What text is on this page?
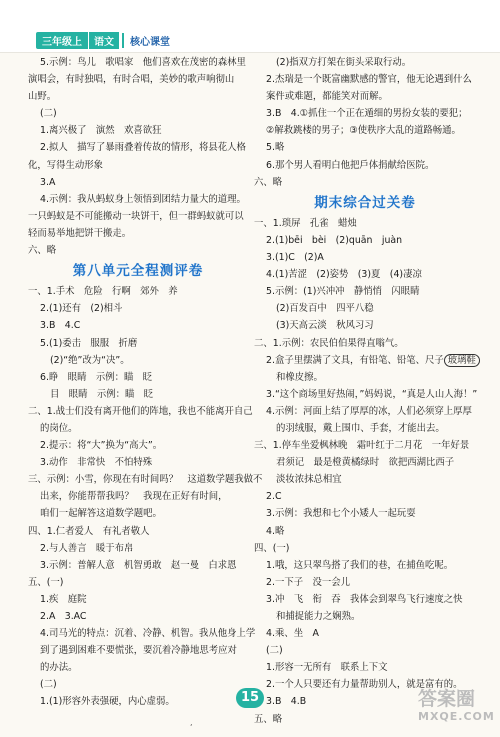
三年级上	语文	核心课堂
5.示例：鸟儿　歌唱家　他们喜欢在茂密的森林里
演唱会，有时独唱，有时合唱，美妙的歌声响彻山
山野。
(二)
1.离兴极了　演然　欢喜欲狂
2.拟人　描写了暴雨叠着传故的情形，将县花人格
化，写得生动形象
3.A
4.示例：我从蚂蚁身上领悟到团结力量大的道理。
一只蚂蚁是不可能搬动一块饼干，但一群蚂蚁就可以
轻而易举地把饼干搬走。
六、略
第八单元全程测评卷
一、1.手术　危险　行啊　郊外　养
2.(1)还有　(2)相斗
3.B　4.C
5.(1)委击　服服　折磨
(2)“绝”改为“决”。
6.睁　眼睛　示例：瞄　眨
目　眼睛　示例：瞄　眨
二、1.战士们没有离开他们的阵地，我也不能离开自己
的岗位。
2.提示：将“大”换为“高大”。
3.动作　非常快　不怕特殊
三、示例：小雪，你现在有时间吗？　这道数学题我做不
出来，你能帮帮我吗？　我现在正好有时间，
咱们一起解答这道数学题吧。
四、1.仁者爱人　有礼者敬人
2.与人善言　暖于布帛
3.示例：普解人意　机智勇敢　赵一曼　白求恩
五、(一)
1.疾　庭院
2.A　3.AC
4.司马光的特点：沉着、冷静、机智。我从他身上学
到了遇到困难不要慌张，要沉着冷静地思考应对
的办法。
(二)
1.(1)形容外表强硬，内心虚弱。
(2)指双方打架在街头采取行动。
2.杰瑞是一个既富幽默感的警官，他无论遇到什么
案件或难题，都能笑对而解。
3.B　4.①抓住一个正在遁细的男扮女装的要犯；
②解救跳楼的男子；③使秩序大乱的道路畅通。
5.略
6.那个男人看明白他把戶体捐献给医院。
六、略
期末综合过关卷
一、1.琐屏　孔雀　蜡烛
2.(1)bēi　bèi　(2)quān　juàn
3.(1)C　(2)A
4.(1)苦涩　(2)姿势　(3)夏　(4)凄凉
5.示例：(1)兴冲冲　静悄悄　闪眼睛
(2)百发百中　四平八稳
(3)天高云淡　秋风习习
二、1.示例：农民伯伯果得直嗡气。
2.盒子里摆满了文具，有铅笔、铅笔、尺子 玻璃鞋
和橡皮擦。
3.“这个商场里好热闹，”妈妈说，“真是人山人海！”
4.示例：河面上结了厚厚的冰，人们必须穿上厚厚
的羽绒服，戴上围巾、手套，才能出去。
三、1.停车坐爱枫林晚　霜叶红于二月花　一年好景
君须记　最是橙黄橘绿时　欲把西湖比西子
淡妆浓抹总相宜
2.C
3.示例：我想和七个小矮人一起玩耍
4.略
四、(一)
1.哦，这只翠鸟搭了我们的巷，在捕鱼吃呢。
2.一下子　没一会儿
3.冲　飞　衔　吞　我体会到翠鸟飞行速度之快
和捕捉能力之娴熟。
4.乘、坐　A
(二)
1.形容一无所有　联系上下文
2.一个人只要还有力量帮助别人，就是富有的。
3.B　4.B
五、略
15
,
答案圈
MXQE.COM
